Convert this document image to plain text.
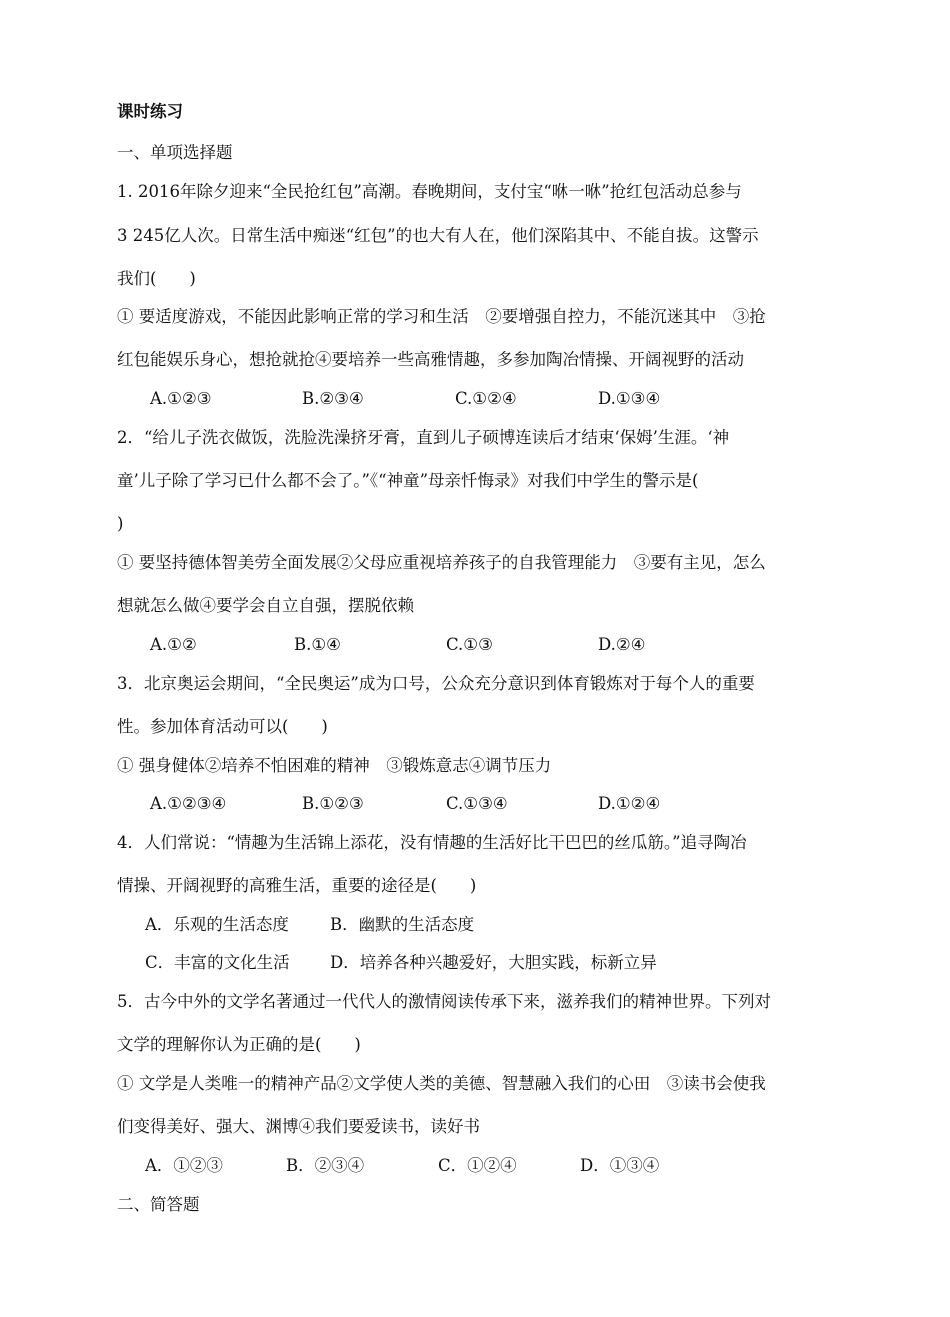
课时练习
一、单项选择题
1. 2016年除夕迎来“全民抢红包”高潮。春晚期间，支付宝“咻一咻”抢红包活动总参与
3 245亿人次。日常生活中痴迷“红包”的也大有人在，他们深陷其中、不能自拔。这警示
我们(　　)
① 要适度游戏，不能因此影响正常的学习和生活　②要增强自控力，不能沉迷其中　③抢
红包能娱乐身心，想抢就抢④要培养一些高雅情趣，多参加陶冶情操、开阔视野的活动
A.①②③	B.②③④	C.①②④	D.①③④
2．“给儿子洗衣做饭，洗脸洗澡挤牙膏，直到儿子硕博连读后才结束‘保姆’生涯。‘神
童’儿子除了学习已什么都不会了。”《“神童”母亲忏悔录》对我们中学生的警示是(
)
① 要坚持德体智美劳全面发展②父母应重视培养孩子的自我管理能力　③要有主见，怎么
想就怎么做④要学会自立自强，摆脱依赖
A.①②	B.①④	C.①③	D.②④
3．北京奥运会期间，“全民奥运”成为口号，公众充分意识到体育锻炼对于每个人的重要
性。参加体育活动可以(　　)
① 强身健体②培养不怕困难的精神　③锻炼意志④调节压力
A.①②③④	B.①②③	C.①③④	D.①②④
4．人们常说：“情趣为生活锦上添花，没有情趣的生活好比干巴巴的丝瓜筋。”追寻陶冶
情操、开阔视野的高雅生活，重要的途径是(　　)
A．乐观的生活态度 B．幽默的生活态度
C．丰富的文化生活 D．培养各种兴趣爱好，大胆实践，标新立异
5．古今中外的文学名著通过一代代人的激情阅读传承下来，滋养我们的精神世界。下列对
文学的理解你认为正确的是(　　)
① 文学是人类唯一的精神产品②文学使人类的美德、智慧融入我们的心田　③读书会使我
们变得美好、强大、渊博④我们要爱读书，读好书
A．①②③	B．②③④	C．①②④	D．①③④
二、简答题
